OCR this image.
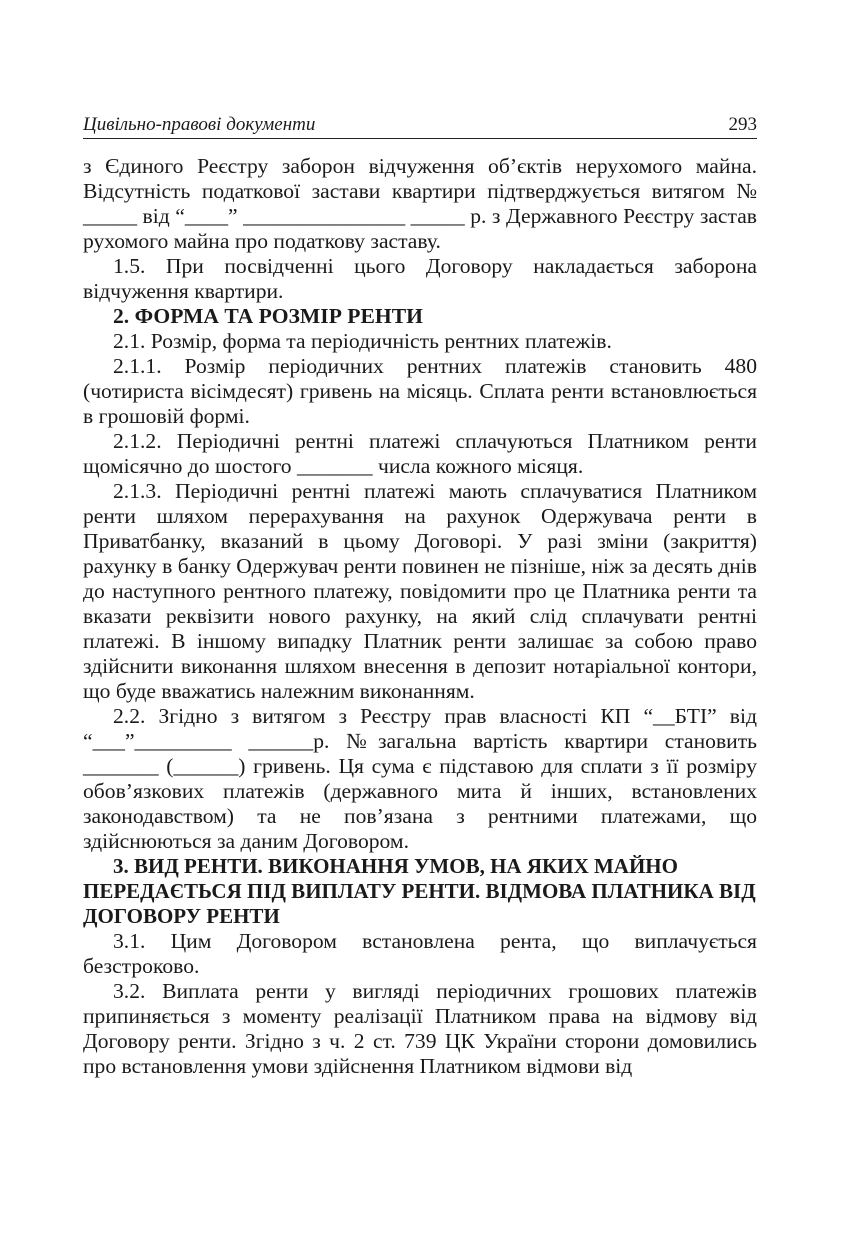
Цивільно-правові документи	293

з Єдиного Реєстру заборон відчуження об’єктів нерухомого майна. Відсутність податкової застави квартири підтверджується витягом № _____ від “____” _______________ _____ р. з Державного Реєстру застав рухомого майна про податкову заставу.

1.5. При посвідченні цього Договору накладається заборона відчуження квартири.

2. ФОРМА ТА РОЗМІР РЕНТИ

2.1. Розмір, форма та періодичність рентних платежів.

2.1.1. Розмір періодичних рентних платежів становить 480 (чотириста вісімдесят) гривень на місяць. Сплата ренти встановлюється в грошовій формі.

2.1.2. Періодичні рентні платежі сплачуються Платником ренти щомісячно до шостого _______ числа кожного місяця.

2.1.3. Періодичні рентні платежі мають сплачуватися Платником ренти шляхом перерахування на рахунок Одержувача ренти в Приватбанку, вказаний в цьому Договорі. У разі зміни (закриття) рахунку в банку Одержувач ренти повинен не пізніше, ніж за десять днів до наступного рентного платежу, повідомити про це Платника ренти та вказати реквізити нового рахунку, на який слід сплачувати рентні платежі. В іншому випадку Платник ренти залишає за собою право здійснити виконання шляхом внесення в депозит нотаріальної контори, що буде вважатись належним виконанням.

2.2. Згідно з витягом з Реєстру прав власності КП “__БТІ” від “___”_________ ______р. №загальна вартість квартири становить _______ (______) гривень. Ця сума є підставою для сплати з її розміру обов’язкових платежів (державного мита й інших, встановлених законодавством) та не пов’язана з рентними платежами, що здійснюються за даним Договором.

3. ВИД РЕНТИ. ВИКОНАННЯ УМОВ, НА ЯКИХ МАЙНО ПЕРЕДАЄТЬСЯ ПІД ВИПЛАТУ РЕНТИ. ВІДМОВА ПЛАТНИКА ВІД ДОГОВОРУ РЕНТИ

3.1. Цим Договором встановлена рента, що виплачується безстроково.

3.2. Виплата ренти у вигляді періодичних грошових платежів припиняється з моменту реалізації Платником права на відмову від Договору ренти. Згідно з ч. 2 ст. 739 ЦК України сторони домовились про встановлення умови здійснення Платником відмови від
